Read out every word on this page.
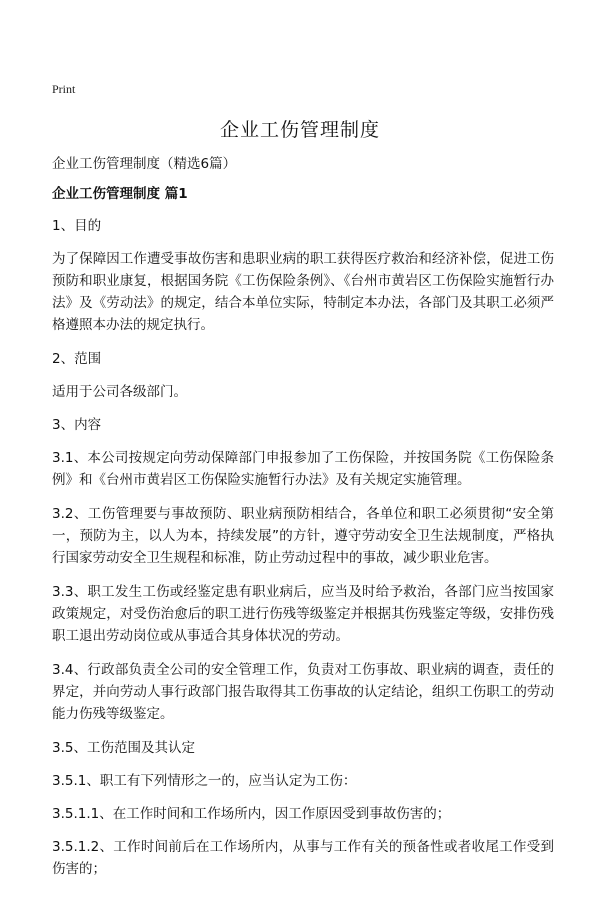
Print
企业工伤管理制度

企业工伤管理制度（精选6篇）

企业工伤管理制度 篇1

1、目的

为了保障因工作遭受事故伤害和患职业病的职工获得医疗救治和经济补偿，促进工伤预防和职业康复，根据国务院《工伤保险条例》、《台州市黄岩区工伤保险实施暂行办法》及《劳动法》的规定，结合本单位实际，特制定本办法，各部门及其职工必须严格遵照本办法的规定执行。

2、范围

适用于公司各级部门。

3、内容

3.1、本公司按规定向劳动保障部门申报参加了工伤保险，并按国务院《工伤保险条例》和《台州市黄岩区工伤保险实施暂行办法》及有关规定实施管理。

3.2、工伤管理要与事故预防、职业病预防相结合，各单位和职工必须贯彻“安全第一，预防为主，以人为本，持续发展”的方针，遵守劳动安全卫生法规制度，严格执行国家劳动安全卫生规程和标准，防止劳动过程中的事故，减少职业危害。

3.3、职工发生工伤或经鉴定患有职业病后，应当及时给予救治，各部门应当按国家政策规定，对受伤治愈后的职工进行伤残等级鉴定并根据其伤残鉴定等级，安排伤残职工退出劳动岗位或从事适合其身体状况的劳动。

3.4、行政部负责全公司的安全管理工作，负责对工伤事故、职业病的调查，责任的界定，并向劳动人事行政部门报告取得其工伤事故的认定结论，组织工伤职工的劳动能力伤残等级鉴定。

3.5、工伤范围及其认定

3.5.1、职工有下列情形之一的，应当认定为工伤：

3.5.1.1、在工作时间和工作场所内，因工作原因受到事故伤害的；

3.5.1.2、工作时间前后在工作场所内，从事与工作有关的预备性或者收尾工作受到伤害的；
